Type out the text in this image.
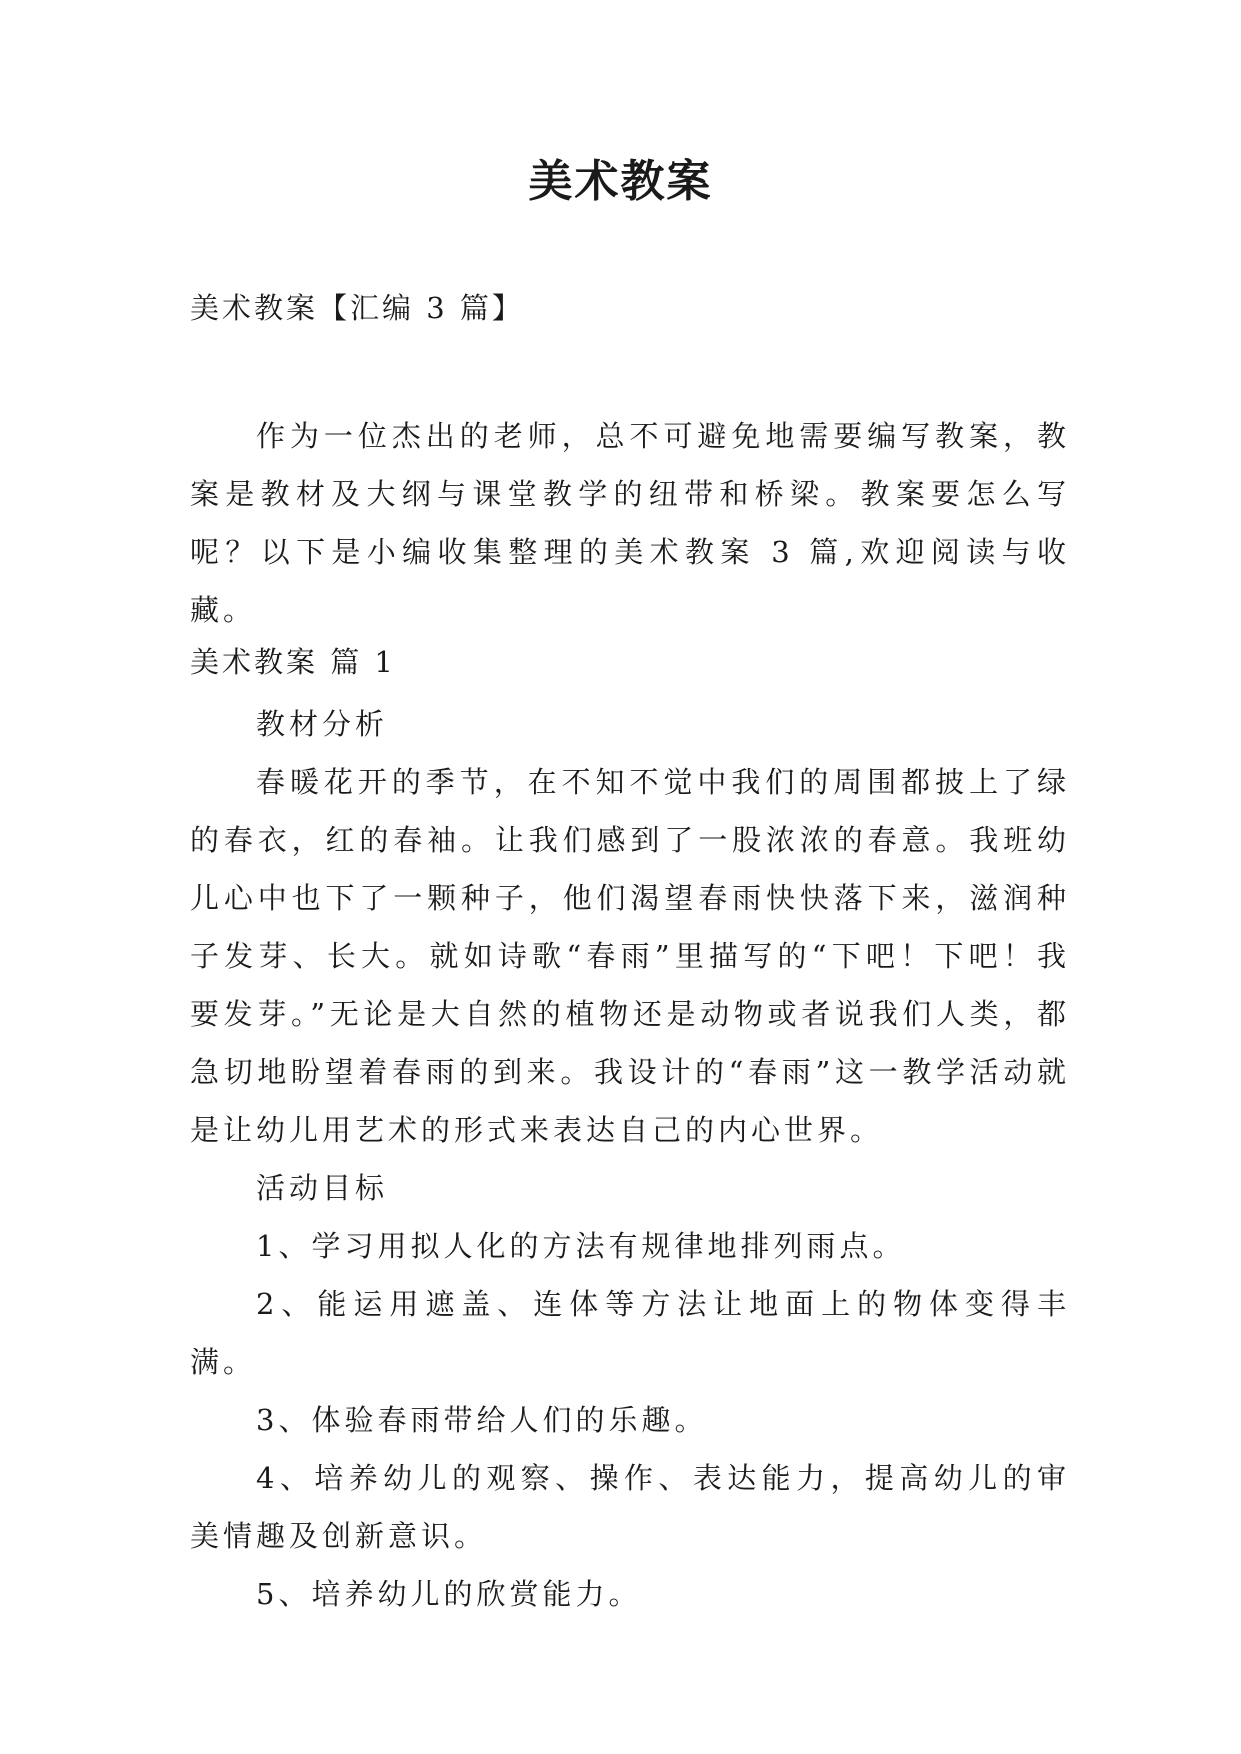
美术教案
美术教案【汇编 3 篇】

作为一位杰出的老师，总不可避免地需要编写教案，教案是教材及大纲与课堂教学的纽带和桥梁。教案要怎么写呢？以下是小编收集整理的美术教案 3 篇,欢迎阅读与收藏。

美术教案 篇 1

教材分析

春暖花开的季节，在不知不觉中我们的周围都披上了绿的春衣，红的春袖。让我们感到了一股浓浓的春意。我班幼儿心中也下了一颗种子，他们渴望春雨快快落下来，滋润种子发芽、长大。就如诗歌“春雨”里描写的“下吧！下吧！我要发芽。”无论是大自然的植物还是动物或者说我们人类，都急切地盼望着春雨的到来。我设计的“春雨”这一教学活动就是让幼儿用艺术的形式来表达自己的内心世界。

活动目标

1、学习用拟人化的方法有规律地排列雨点。

2、能运用遮盖、连体等方法让地面上的物体变得丰满。

3、体验春雨带给人们的乐趣。

4、培养幼儿的观察、操作、表达能力，提高幼儿的审美情趣及创新意识。

5、培养幼儿的欣赏能力。
